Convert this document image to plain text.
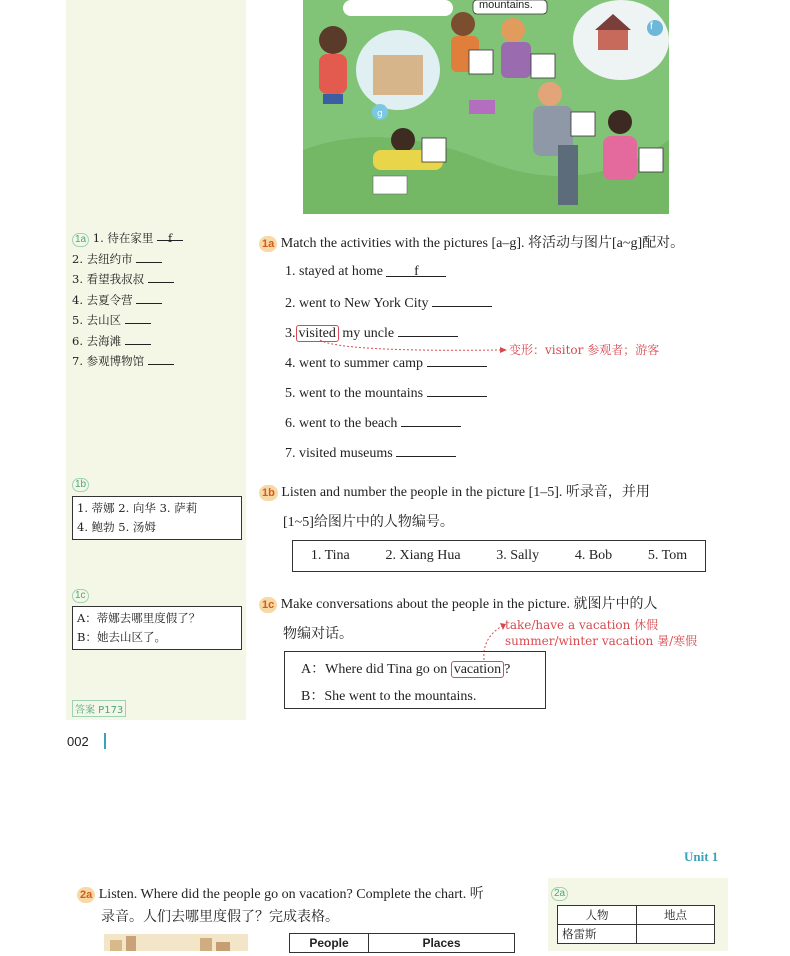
g
mountains.
f
1a 1. 待在家里 f
2. 去纽约市
3. 看望我叔叔
4. 去夏令营
5. 去山区
6. 去海滩
7. 参观博物馆
1a Match the activities with the pictures [a–g]. 将活动与图片[a~g]配对。
1. stayed at home f
2. went to New York City
3. visited my uncle
4. went to summer camp
5. went to the mountains
6. went to the beach
7. visited museums
变形：visitor 参观者；游客
1b
1. 蒂娜 2. 向华 3. 萨莉
4. 鲍勃 5. 汤姆
1b Listen and number the people in the picture [1–5]. 听录音，并用
[1~5]给图片中的人物编号。
1. Tina	2. Xiang Hua	3. Sally	4. Bob	5. Tom
1c
A：蒂娜去哪里度假了？
B：她去山区了。
1c Make conversations about the people in the picture. 就图片中的人
物编对话。
take/have a vacation 休假
summer/winter vacation 暑/寒假
A：Where did Tina go on vacation ?
B：She went to the mountains.
答案 P173
002
Unit 1
2a Listen. Where did the people go on vacation? Complete the chart. 听
录音。人们去哪里度假了？完成表格。
People	Places
2a
人物	地点
格雷斯	
